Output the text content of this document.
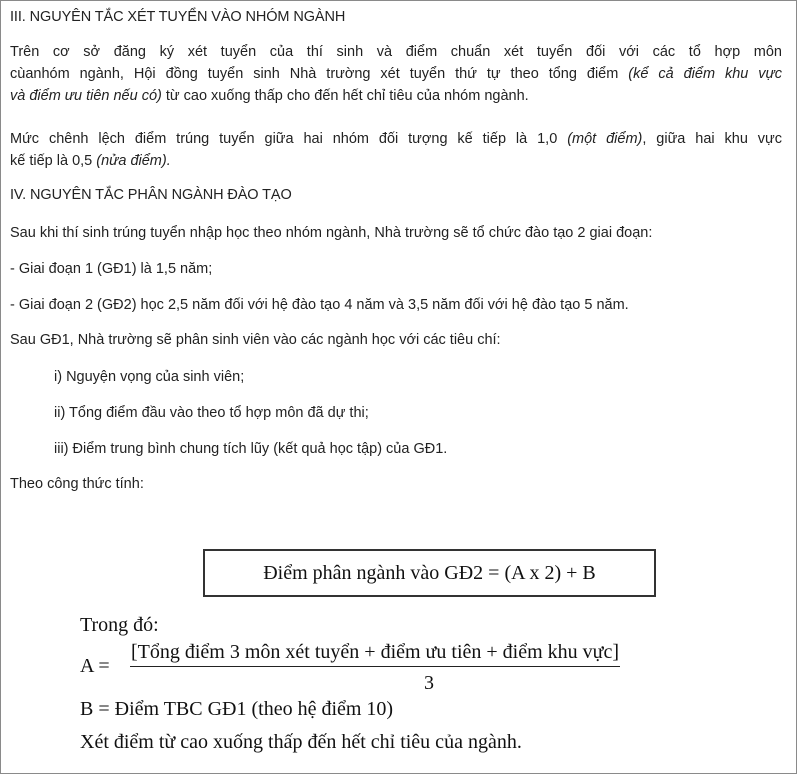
III. NGUYÊN TẮC XÉT TUYỂN VÀO NHÓM NGÀNH
Trên cơ sở đăng ký xét tuyển của thí sinh và điểm chuẩn xét tuyển đối với các tổ hợp môn
cùanhóm ngành, Hội đồng tuyển sinh Nhà trường xét tuyển thứ tự theo tổng điểm (kể cả điểm khu vực
và điểm ưu tiên nếu có) từ cao xuống thấp cho đến hết chỉ tiêu của nhóm ngành.
Mức chênh lệch điểm trúng tuyển giữa hai nhóm đối tượng kế tiếp là 1,0 (một điểm), giữa hai khu vực
kế tiếp là 0,5 (nửa điểm).
IV. NGUYÊN TẮC PHÂN NGÀNH ĐÀO TẠO
Sau khi thí sinh trúng tuyển nhập học theo nhóm ngành, Nhà trường sẽ tổ chức đào tạo 2 giai đoạn:
- Giai đoạn 1 (GĐ1) là 1,5 năm;
- Giai đoạn 2 (GĐ2) học 2,5 năm đối với hệ đào tạo 4 năm và 3,5 năm đối với hệ đào tạo 5 năm.
Sau GĐ1, Nhà trường sẽ phân sinh viên vào các ngành học với các tiêu chí:
i) Nguyện vọng của sinh viên;
ii) Tổng điểm đầu vào theo tổ hợp môn đã dự thi;
iii) Điểm trung bình chung tích lũy (kết quả học tập) của GĐ1.
Theo công thức tính:
Điểm phân ngành vào GĐ2 = (A x 2) + B
Trong đó:
A =
[Tổng điểm 3 môn xét tuyển + điểm ưu tiên + điểm khu vực]
3
B = Điểm TBC GĐ1 (theo hệ điểm 10)
Xét điểm từ cao xuống thấp đến hết chỉ tiêu của ngành.
